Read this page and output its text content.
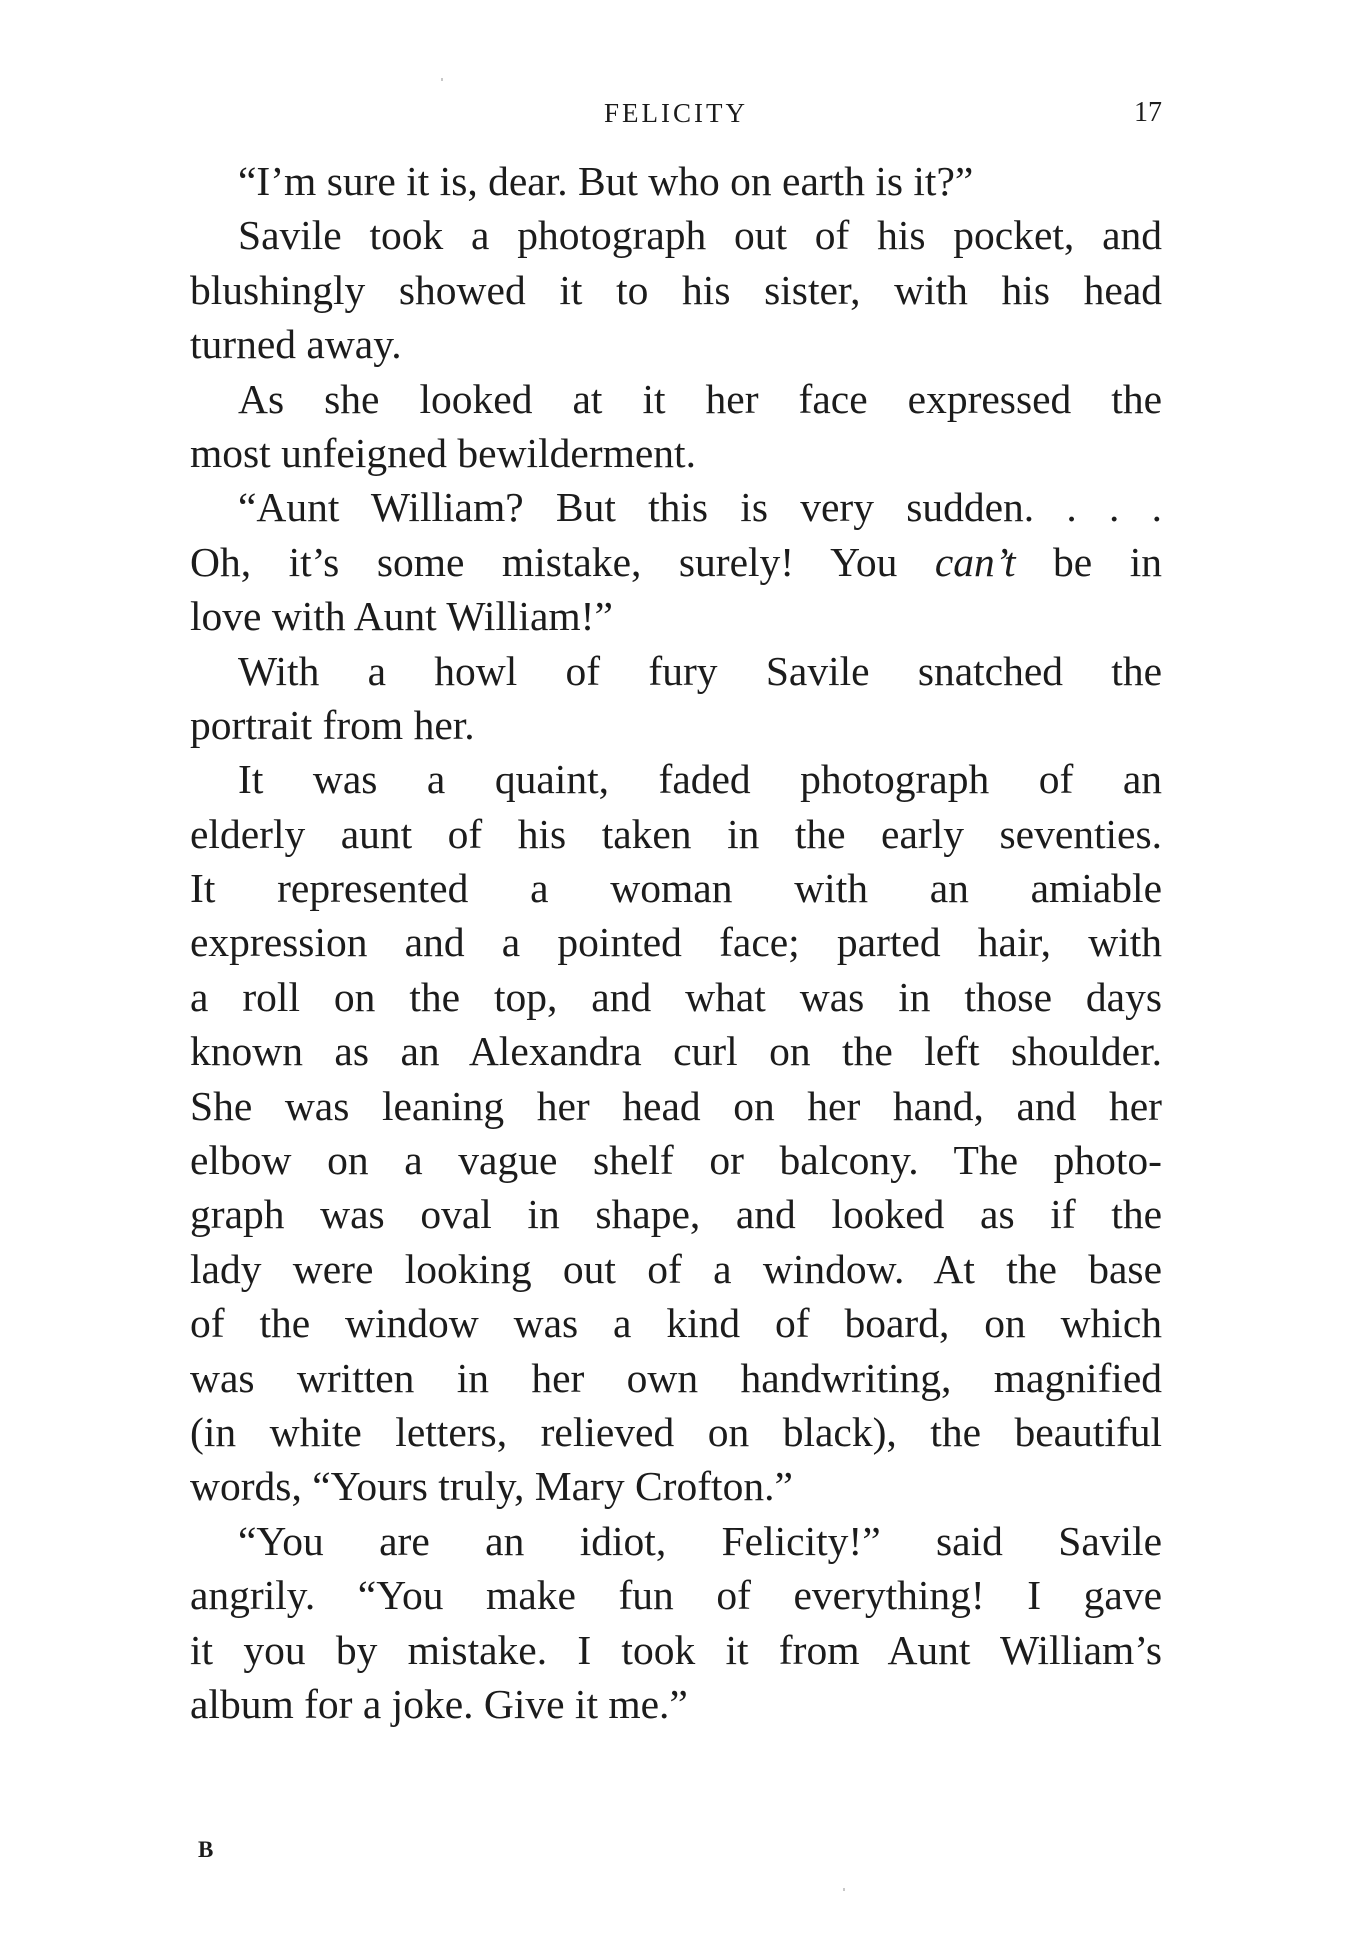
FELICITY	17
“I’m sure it is, dear. But who on earth is it?”
Savile took a photograph out of his pocket, and
blushingly showed it to his sister, with his head
turned away.
As she looked at it her face expressed the
most unfeigned bewilderment.
“Aunt William? But this is very sudden. . . .
Oh, it’s some mistake, surely! You can’t be in
love with Aunt William!”
With a howl of fury Savile snatched the
portrait from her.
It was a quaint, faded photograph of an
elderly aunt of his taken in the early seventies.
It represented a woman with an amiable
expression and a pointed face; parted hair, with
a roll on the top, and what was in those days
known as an Alexandra curl on the left shoulder.
She was leaning her head on her hand, and her
elbow on a vague shelf or balcony. The photo-
graph was oval in shape, and looked as if the
lady were looking out of a window. At the base
of the window was a kind of board, on which
was written in her own handwriting, magnified
(in white letters, relieved on black), the beautiful
words, “Yours truly, Mary Crofton.”
“You are an idiot, Felicity!” said Savile
angrily. “You make fun of everything! I gave
it you by mistake. I took it from Aunt William’s
album for a joke. Give it me.”
B
